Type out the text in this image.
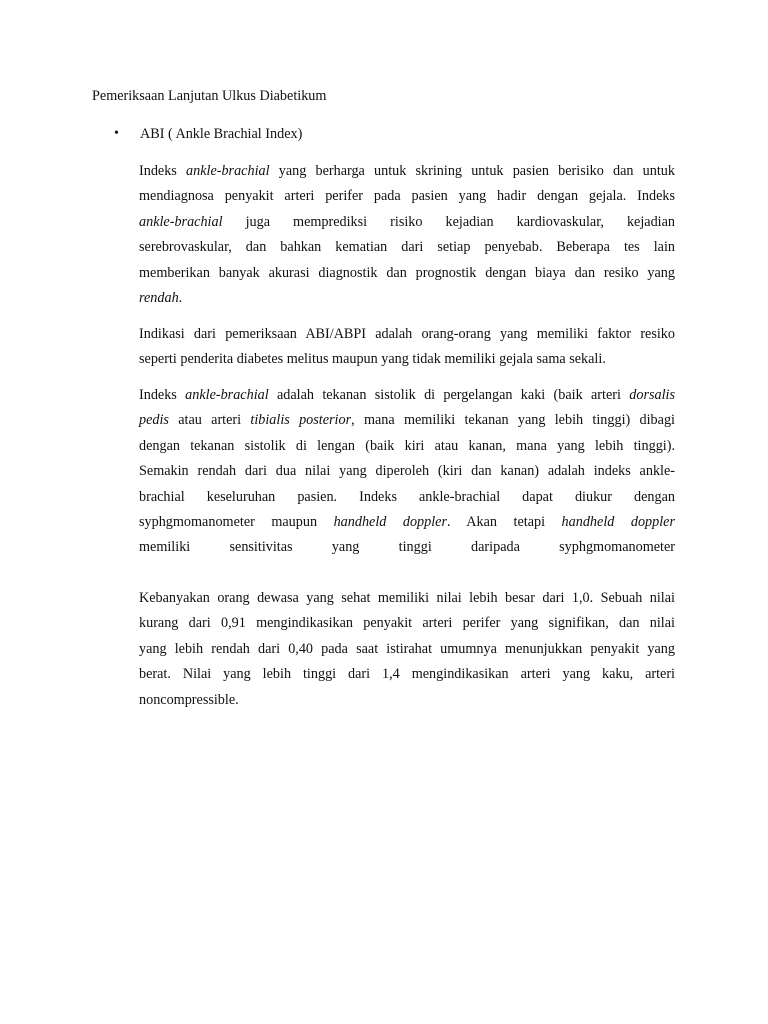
Pemeriksaan Lanjutan Ulkus Diabetikum
• ABI ( Ankle Brachial Index)
Indeks ankle-brachial yang berharga untuk skrining untuk pasien berisiko dan untuk
mendiagnosa penyakit arteri perifer pada pasien yang hadir dengan gejala. Indeks
ankle-brachial juga memprediksi risiko kejadian kardiovaskular, kejadian
serebrovaskular, dan bahkan kematian dari setiap penyebab. Beberapa tes lain
memberikan banyak akurasi diagnostik dan prognostik dengan biaya dan resiko yang
rendah.
Indikasi dari pemeriksaan ABI/ABPI adalah orang-orang yang memiliki faktor resiko
seperti penderita diabetes melitus maupun yang tidak memiliki gejala sama sekali.
Indeks ankle-brachial adalah tekanan sistolik di pergelangan kaki (baik arteri dorsalis
pedis atau arteri tibialis posterior, mana memiliki tekanan yang lebih tinggi) dibagi
dengan tekanan sistolik di lengan (baik kiri atau kanan, mana yang lebih tinggi).
Semakin rendah dari dua nilai yang diperoleh (kiri dan kanan) adalah indeks ankle-
brachial keseluruhan pasien. Indeks ankle-brachial dapat diukur dengan
syphgmomanometer maupun handheld doppler. Akan tetapi handheld doppler
memiliki sensitivitas yang tinggi daripada syphgmomanometer
Kebanyakan orang dewasa yang sehat memiliki nilai lebih besar dari 1,0. Sebuah nilai
kurang dari 0,91 mengindikasikan penyakit arteri perifer yang signifikan, dan nilai
yang lebih rendah dari 0,40 pada saat istirahat umumnya menunjukkan penyakit yang
berat. Nilai yang lebih tinggi dari 1,4 mengindikasikan arteri yang kaku, arteri
noncompressible.
